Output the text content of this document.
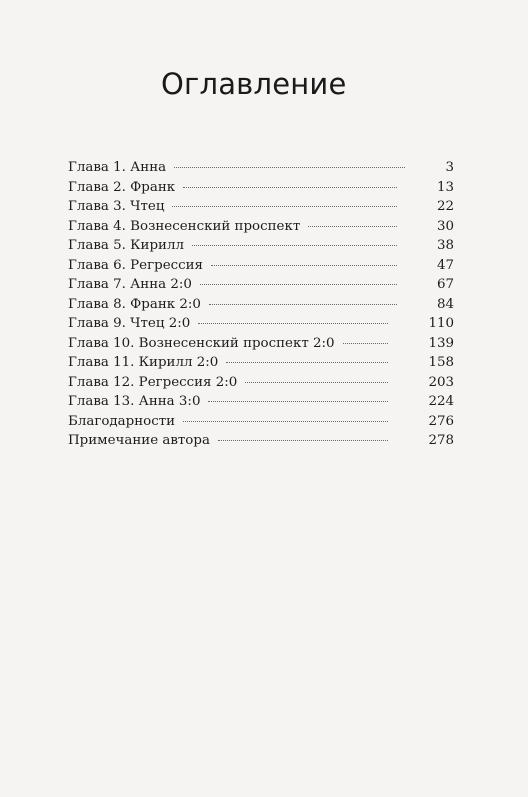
Оглавление
Глава 1. Анна	3
Глава 2. Франк	13
Глава 3. Чтец	22
Глава 4. Вознесенский проспект	30
Глава 5. Кирилл	38
Глава 6. Регрессия	47
Глава 7. Анна 2:0	67
Глава 8. Франк 2:0	84
Глава 9. Чтец 2:0	110
Глава 10. Вознесенский проспект 2:0	139
Глава 11. Кирилл 2:0	158
Глава 12. Регрессия 2:0	203
Глава 13. Анна 3:0	224
Благодарности	276
Примечание автора	278
